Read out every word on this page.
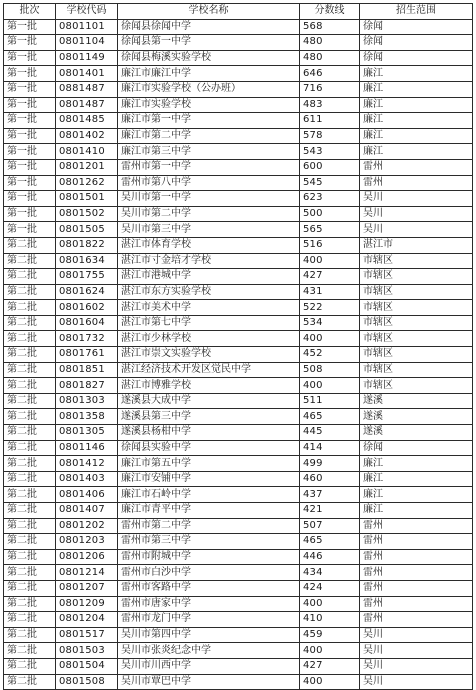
批次	学校代码	学校名称	分数线	招生范围
第一批	0801101	徐闻县徐闻中学	568	徐闻
第一批	0801104	徐闻县第一中学	480	徐闻
第一批	0801149	徐闻县梅溪实验学校	480	徐闻
第一批	0801401	廉江市廉江中学	646	廉江
第一批	0881487	廉江市实验学校（公办班）	716	廉江
第一批	0801487	廉江市实验学校	483	廉江
第一批	0801485	廉江市第一中学	611	廉江
第一批	0801402	廉江市第二中学	578	廉江
第一批	0801410	廉江市第三中学	543	廉江
第一批	0801201	雷州市第一中学	600	雷州
第一批	0801262	雷州市第八中学	545	雷州
第一批	0801501	吴川市第一中学	623	吴川
第一批	0801502	吴川市第二中学	500	吴川
第一批	0801505	吴川市第三中学	565	吴川
第二批	0801822	湛江市体育学校	516	湛江市
第二批	0801634	湛江市寸金培才学校	400	市辖区
第二批	0801755	湛江市港城中学	427	市辖区
第二批	0801624	湛江市东方实验学校	431	市辖区
第二批	0801602	湛江市美术中学	522	市辖区
第二批	0801604	湛江市第七中学	534	市辖区
第二批	0801732	湛江市少林学校	400	市辖区
第二批	0801761	湛江市崇文实验学校	452	市辖区
第二批	0801851	湛江经济技术开发区觉民中学	508	市辖区
第二批	0801827	湛江市博雅学校	400	市辖区
第二批	0801303	遂溪县大成中学	511	遂溪
第二批	0801358	遂溪县第三中学	465	遂溪
第二批	0801305	遂溪县杨柑中学	445	遂溪
第二批	0801146	徐闻县实验中学	414	徐闻
第二批	0801412	廉江市第五中学	499	廉江
第二批	0801403	廉江市安铺中学	460	廉江
第二批	0801406	廉江市石岭中学	437	廉江
第二批	0801407	廉江市青平中学	421	廉江
第二批	0801202	雷州市第二中学	507	雷州
第二批	0801203	雷州市第三中学	465	雷州
第二批	0801206	雷州市附城中学	446	雷州
第二批	0801214	雷州市白沙中学	434	雷州
第二批	0801207	雷州市客路中学	424	雷州
第二批	0801209	雷州市唐家中学	400	雷州
第二批	0801204	雷州市龙门中学	410	雷州
第二批	0801517	吴川市第四中学	459	吴川
第二批	0801503	吴川市张炎纪念中学	400	吴川
第二批	0801504	吴川市川西中学	427	吴川
第二批	0801508	吴川市覃巴中学	400	吴川
